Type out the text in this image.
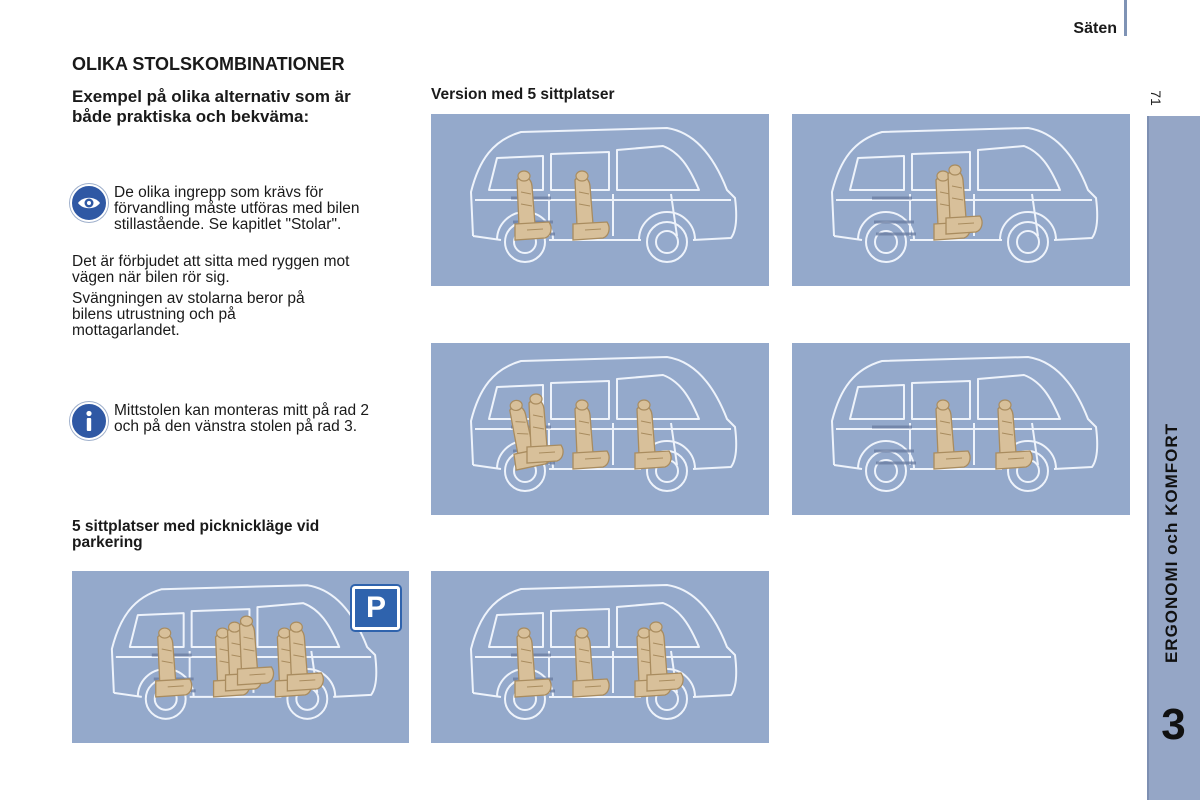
Säten
71
ERGONOMI och KOMFORT
3
OLIKA STOLSKOMBINATIONER
Exempel på olika alternativ som är både praktiska och bekväma:
De olika ingrepp som krävs för förvandling måste utföras med bilen stillastående. Se kapitlet "Stolar".
Det är förbjudet att sitta med ryggen mot vägen när bilen rör sig.
Svängningen av stolarna beror på bilens utrustning och på mottagarlandet.
Mittstolen kan monteras mitt på rad 2 och på den vänstra stolen på rad 3.
5 sittplatser med picknickläge vid parkering
Version med 5 sittplatser
P
